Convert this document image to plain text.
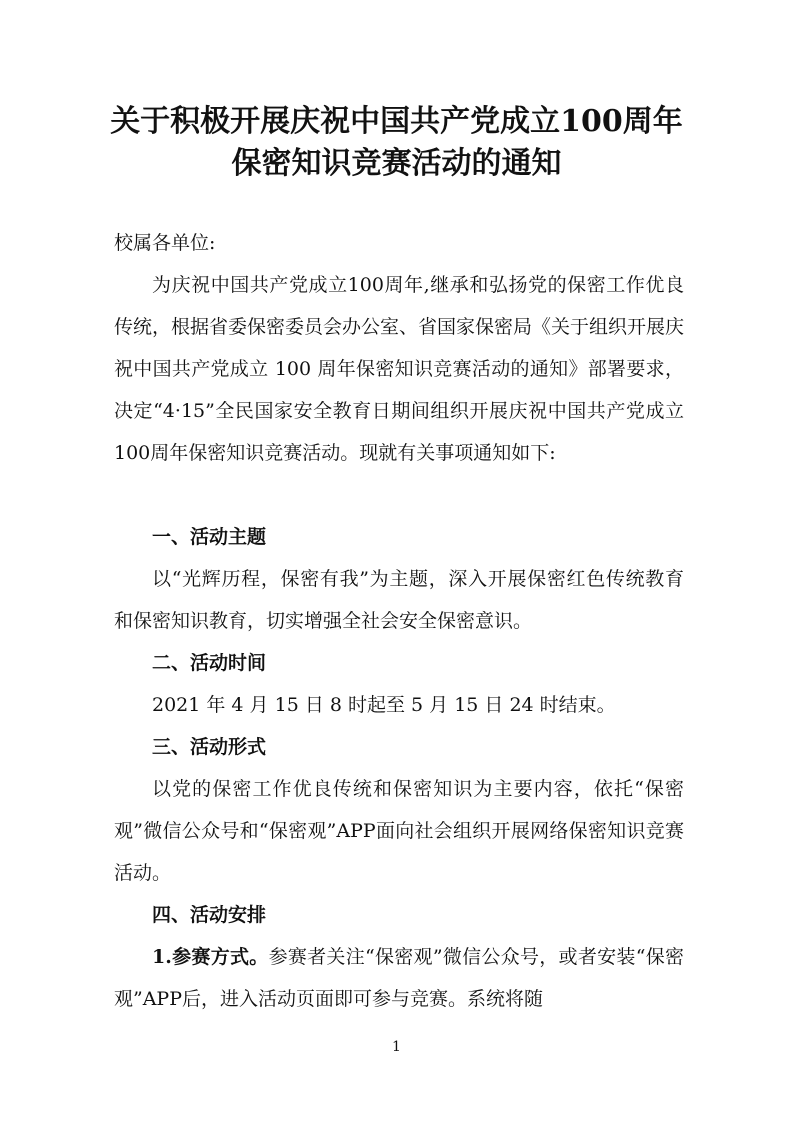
关于积极开展庆祝中国共产党成立100周年
保密知识竞赛活动的通知

校属各单位:

为庆祝中国共产党成立100周年,继承和弘扬党的保密工作优良传统，根据省委保密委员会办公室、省国家保密局《关于组织开展庆祝中国共产党成立 100 周年保密知识竞赛活动的通知》部署要求，决定“4·15”全民国家安全教育日期间组织开展庆祝中国共产党成立100周年保密知识竞赛活动。现就有关事项通知如下:

一、活动主题

以“光辉历程，保密有我”为主题，深入开展保密红色传统教育和保密知识教育，切实增强全社会安全保密意识。

二、活动时间

2021 年 4 月 15 日 8 时起至 5 月 15 日 24 时结束。

三、活动形式

以党的保密工作优良传统和保密知识为主要内容，依托“保密观”微信公众号和“保密观”APP面向社会组织开展网络保密知识竞赛活动。

四、活动安排

1.参赛方式。参赛者关注“保密观”微信公众号，或者安装“保密观”APP后，进入活动页面即可参与竞赛。系统将随

1
